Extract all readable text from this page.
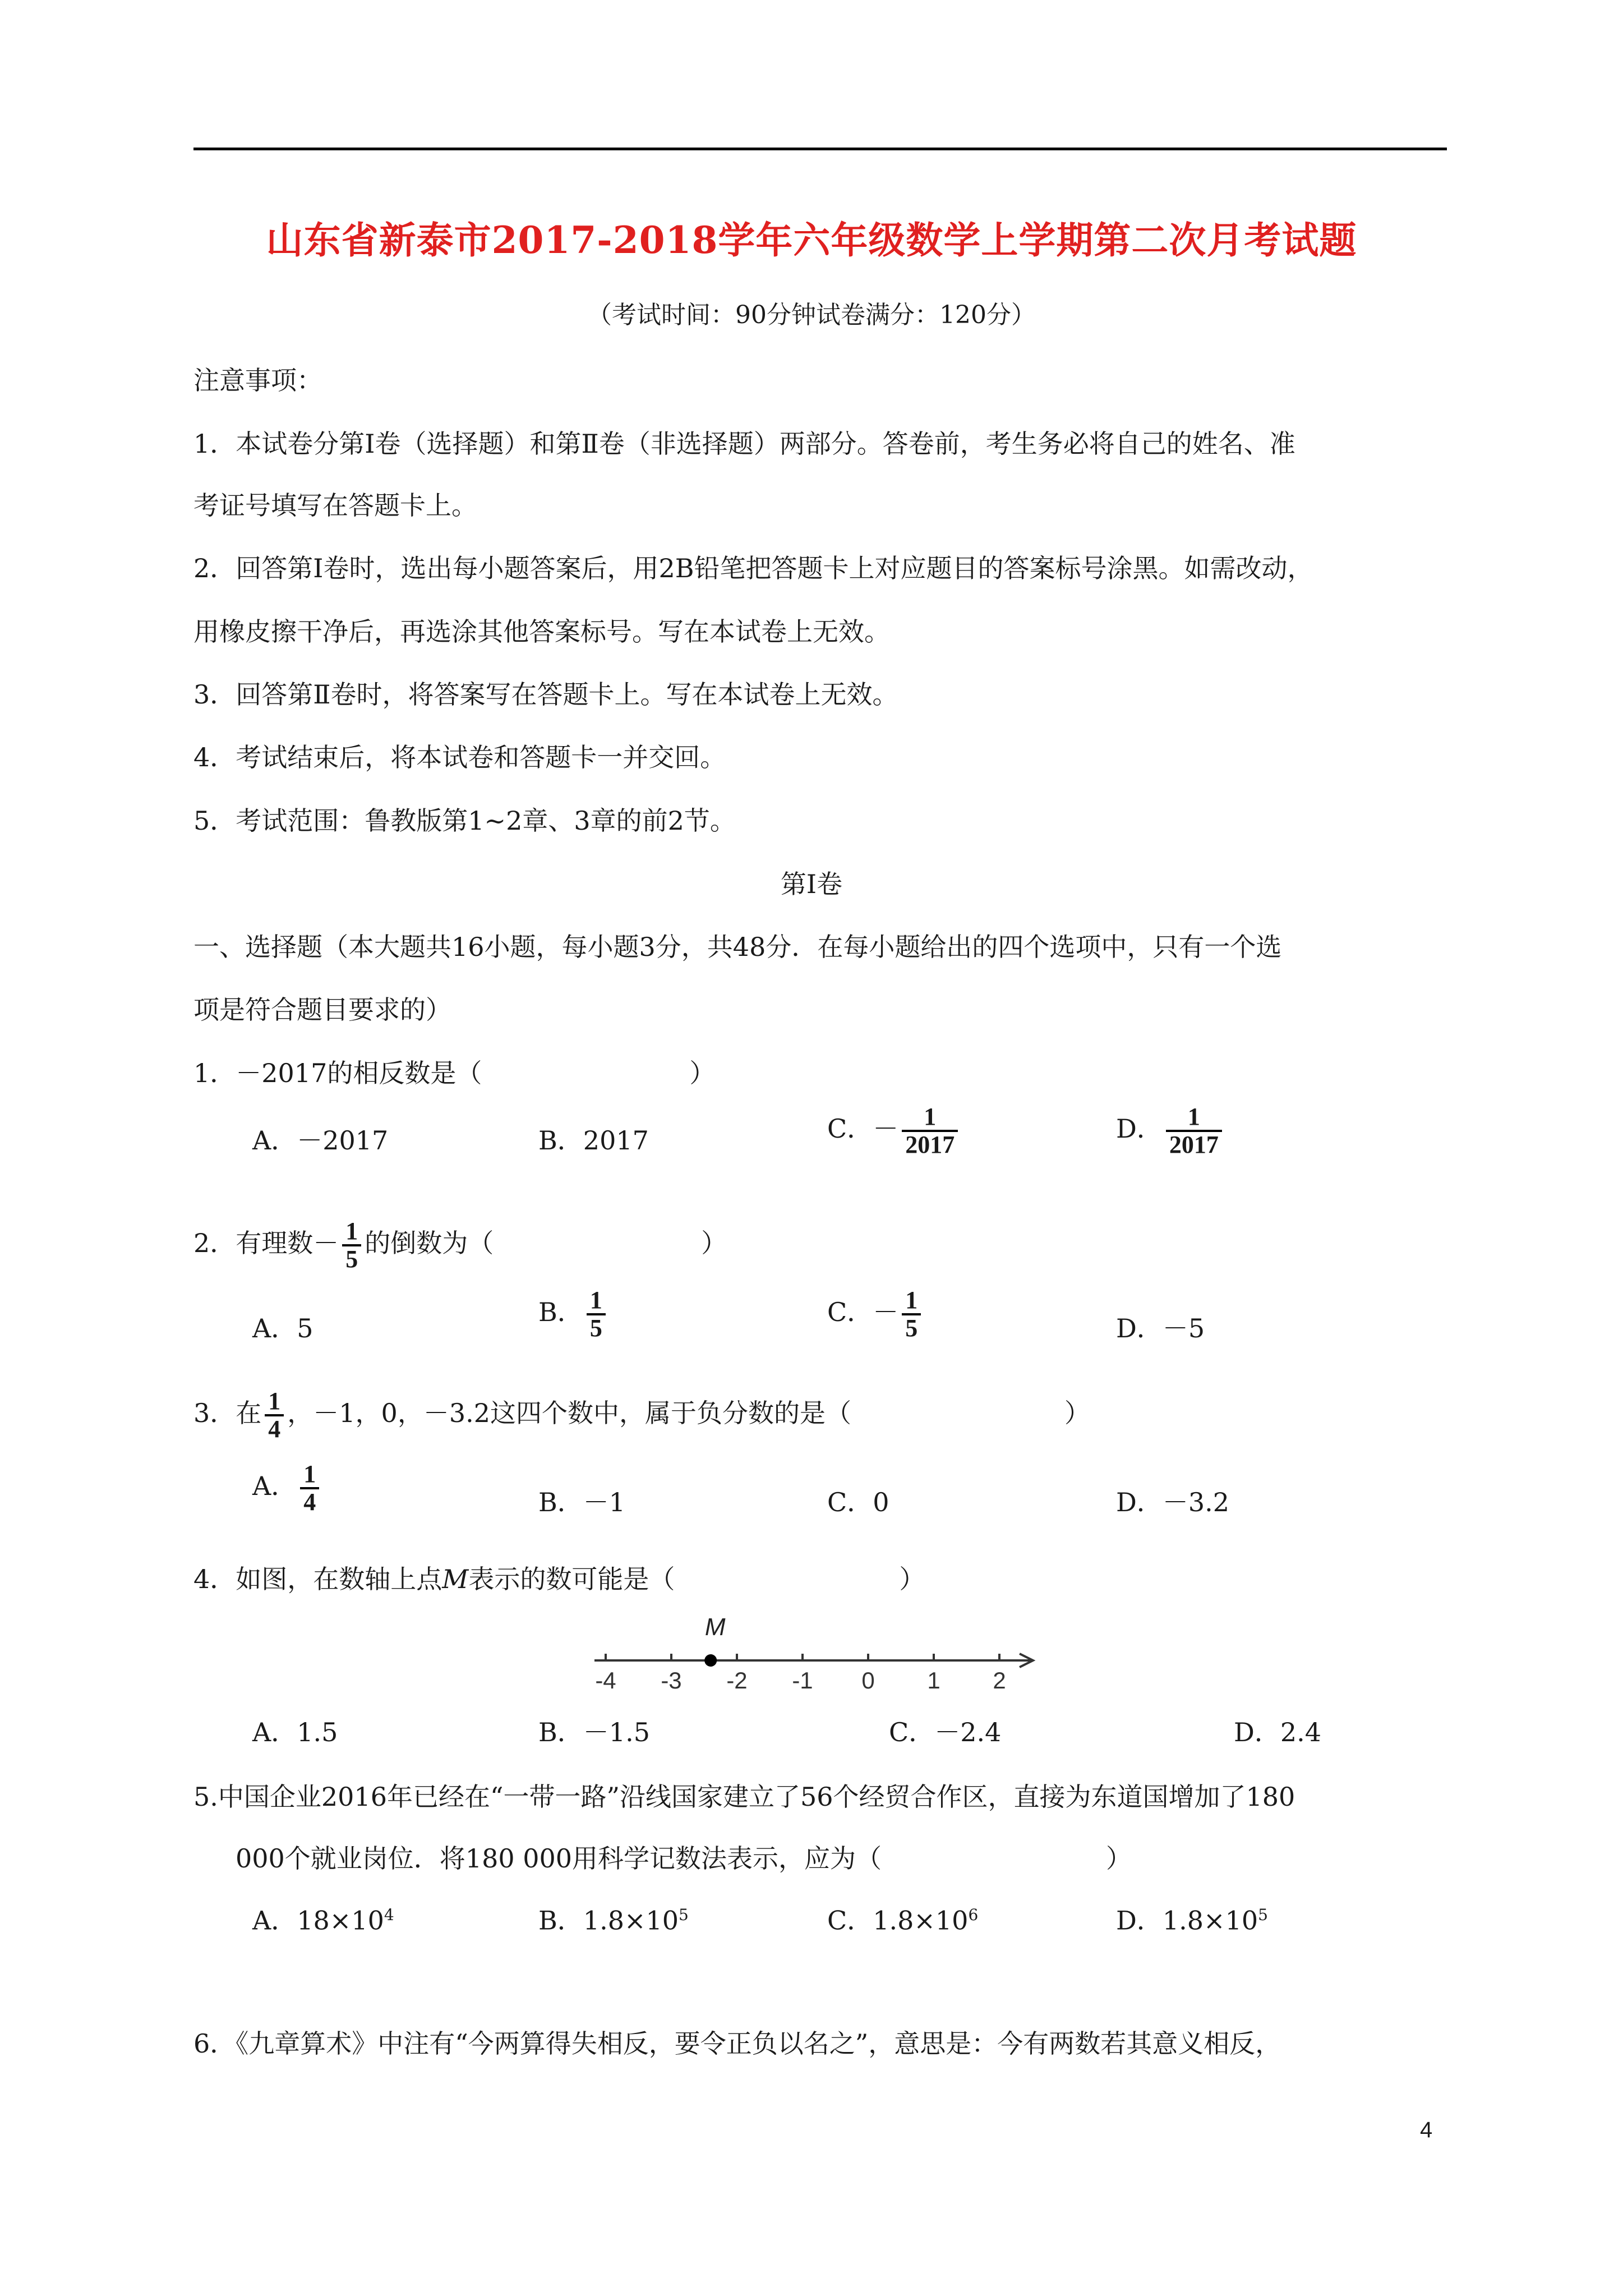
山东省新泰市2017-2018学年六年级数学上学期第二次月考试题
（考试时间：90分钟试卷满分：120分）
注意事项：
1．本试卷分第Ⅰ卷（选择题）和第Ⅱ卷（非选择题）两部分。答卷前，考生务必将自己的姓名、准
考证号填写在答题卡上。
2．回答第Ⅰ卷时，选出每小题答案后，用2B铅笔把答题卡上对应题目的答案标号涂黑。如需改动，
用橡皮擦干净后，再选涂其他答案标号。写在本试卷上无效。
3．回答第Ⅱ卷时，将答案写在答题卡上。写在本试卷上无效。
4．考试结束后，将本试卷和答题卡一并交回。
5．考试范围：鲁教版第1~2章、3章的前2节。
第Ⅰ卷
一、选择题（本大题共16小题，每小题3分，共48分．在每小题给出的四个选项中，只有一个选
项是符合题目要求的）
1．－2017的相反数是（	）
A．－2017	B．2017	C．－ $\frac{1}{2017}$	D． $\frac{1}{2017}$
2．有理数－ $\frac{1}{5}$ 的倒数为（	）
A．5
B． $\frac{1}{5}$	C．－ $\frac{1}{5}$	D．－5
3．在 $\frac{1}{4}$ ，－1，0，－3.2这四个数中，属于负分数的是（	）
A． $\frac{1}{4}$	B．－1	C．0	D．－3.2
4．如图，在数轴上点M表示的数可能是（	）
-4 -3 -2 -1 0 1 2
M
A．1.5	B．－1.5	C．－2.4	D．2.4
5.中国企业2016年已经在“一带一路”沿线国家建立了56个经贸合作区，直接为东道国增加了180
000个就业岗位．将180 000用科学记数法表示，应为（	）
A．$18\times 10^4$	B．$1.8\times 10^5$	C．$1.8\times 10^6$	D．$1.8\times 10^5$
6．《九章算术》中注有“今两算得失相反，要令正负以名之”，意思是：今有两数若其意义相反，
4
